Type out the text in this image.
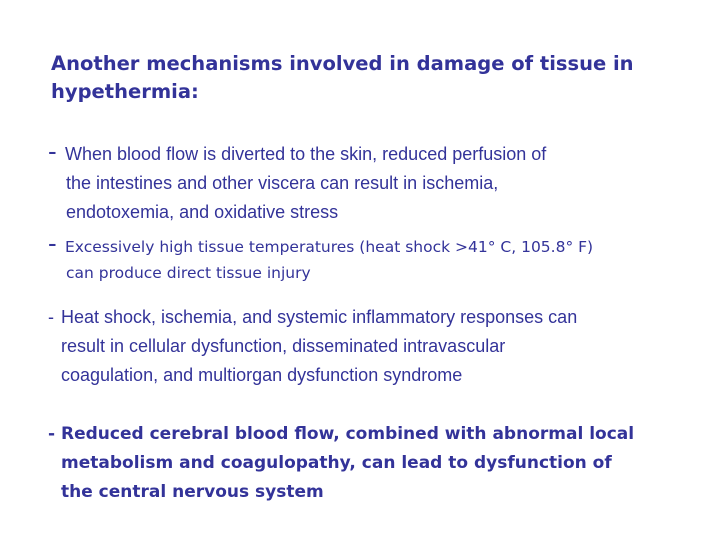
Another mechanisms involved in damage of tissue in hypethermia:
- When blood flow is diverted to the skin, reduced perfusion of
the intestines and other viscera can result in ischemia,
endotoxemia, and oxidative stress
- Excessively high tissue temperatures (heat shock >41° C, 105.8° F)
can produce direct tissue injury
- Heat shock, ischemia, and systemic inflammatory responses can
result in cellular dysfunction, disseminated intravascular
coagulation, and multiorgan dysfunction syndrome
- Reduced cerebral blood flow, combined with abnormal local
metabolism and coagulopathy, can lead to dysfunction of
the central nervous system
